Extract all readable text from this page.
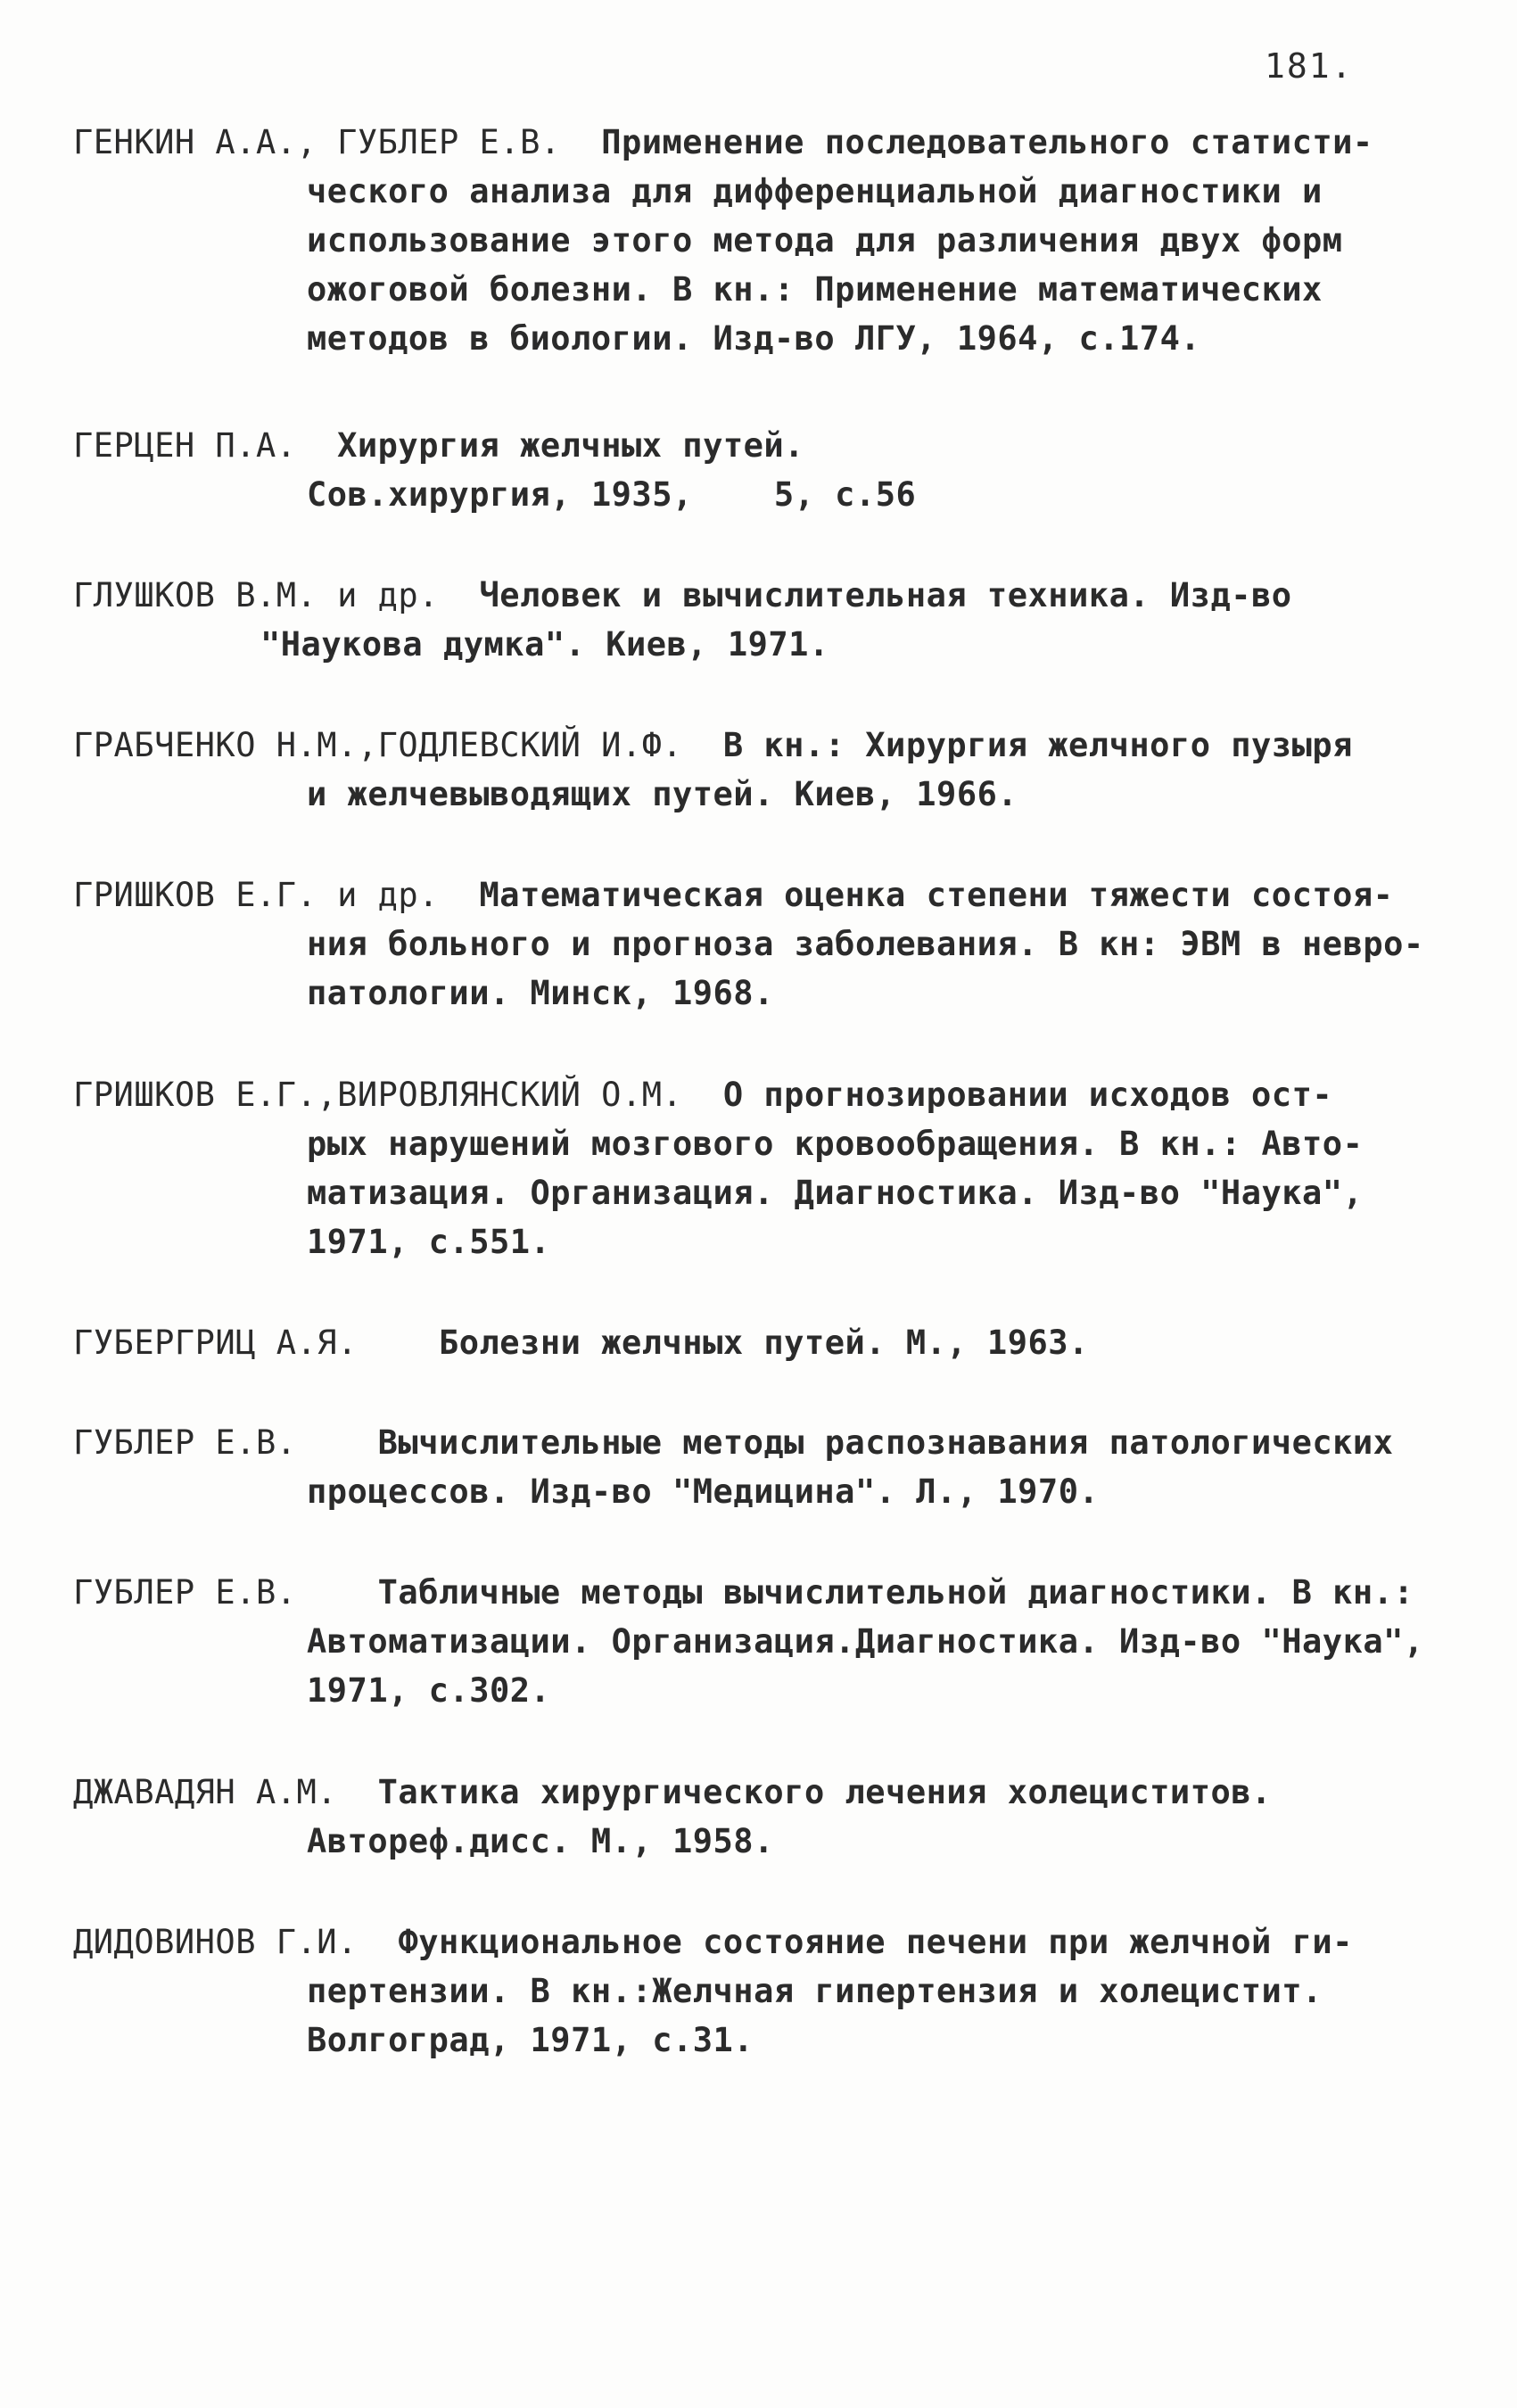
181.
ГЕНКИН А.А., ГУБЛЕР Е.В. Применение последовательного статисти-
ческого анализа для дифференциальной диагностики и
использование этого метода для различения двух форм
ожоговой болезни. В кн.: Применение математических
методов в биологии. Изд-во ЛГУ, 1964, с.174.
ГЕРЦЕН П.А. Хирургия желчных путей.
Сов.хирургия, 1935,    5, с.56
ГЛУШКОВ В.М. и др. Человек и вычислительная техника. Изд-во
"Наукова думка". Киев, 1971.
ГРАБЧЕНКО Н.М.,ГОДЛЕВСКИЙ И.Ф. В кн.: Хирургия желчного пузыря
и желчевыводящих путей. Киев, 1966.
ГРИШКОВ Е.Г. и др. Математическая оценка степени тяжести состоя-
ния больного и прогноза заболевания. В кн: ЭВМ в невро-
патологии. Минск, 1968.
ГРИШКОВ Е.Г.,ВИРОВЛЯНСКИЙ О.М. О прогнозировании исходов ост-
рых нарушений мозгового кровообращения. В кн.: Авто-
матизация. Организация. Диагностика. Изд-во "Наука",
1971, с.551.
ГУБЕРГРИЦ А.Я. Болезни желчных путей. М., 1963.
ГУБЛЕР Е.В. Вычислительные методы распознавания патологических
процессов. Изд-во "Медицина". Л., 1970.
ГУБЛЕР Е.В. Табличные методы вычислительной диагностики. В кн.:
Автоматизации. Организация.Диагностика. Изд-во "Наука",
1971, с.302.
ДЖАВАДЯН А.М. Тактика хирургического лечения холециститов.
Автореф.дисс. М., 1958.
ДИДОВИНОВ Г.И. Функциональное состояние печени при желчной ги-
пертензии. В кн.:Желчная гипертензия и холецистит.
Волгоград, 1971, с.31.
